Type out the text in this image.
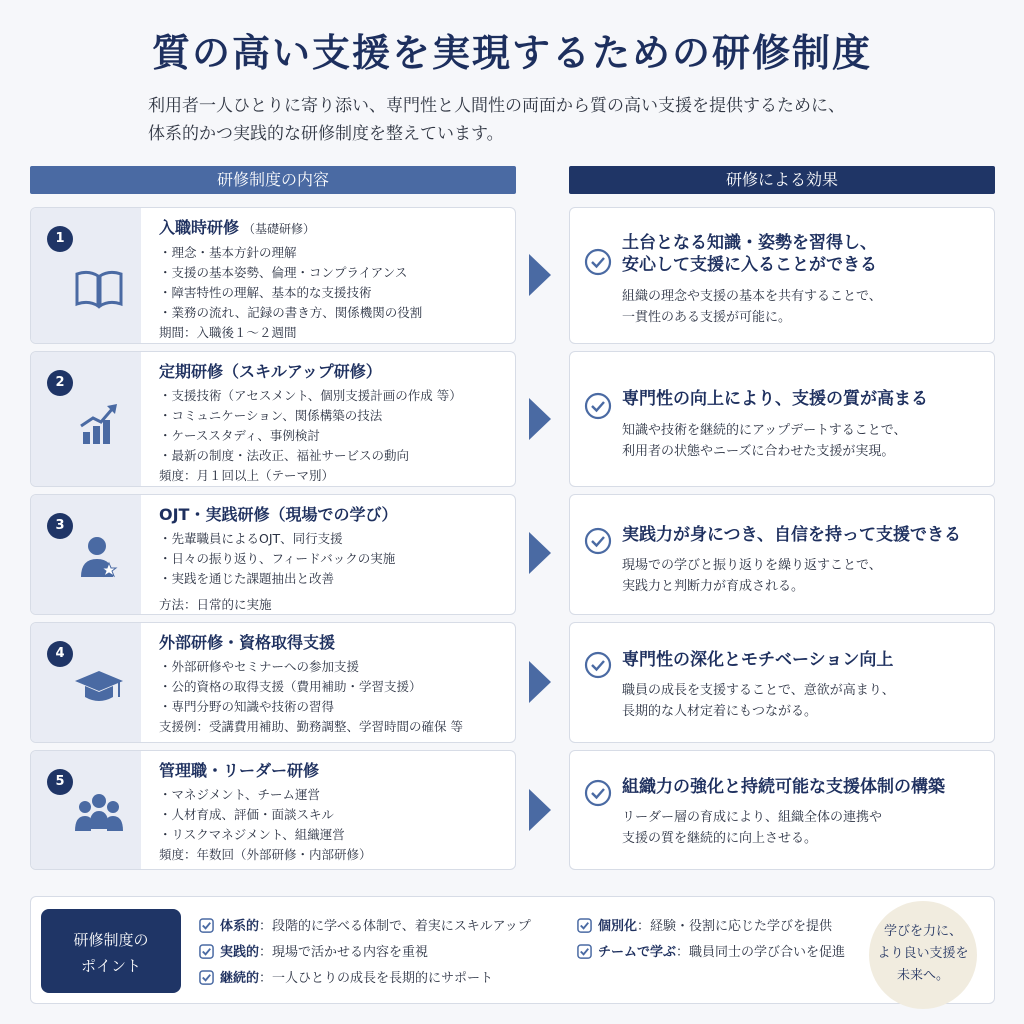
質の高い支援を実現するための研修制度
利用者一人ひとりに寄り添い、専門性と人間性の両面から質の高い支援を提供するために、
体系的かつ実践的な研修制度を整えています。
研修制度の内容	研修による効果
1
入職時研修 （基礎研修）
・理念・基本方針の理解
・支援の基本姿勢、倫理・コンプライアンス
・障害特性の理解、基本的な支援技術
・業務の流れ、記録の書き方、関係機関の役割
期間：入職後１～２週間
2
定期研修（スキルアップ研修）
・支援技術（アセスメント、個別支援計画の作成 等）
・コミュニケーション、関係構築の技法
・ケーススタディ、事例検討
・最新の制度・法改正、福祉サービスの動向
頻度：月１回以上（テーマ別）
3
OJT・実践研修（現場での学び）
・先輩職員によるOJT、同行支援
・日々の振り返り、フィードバックの実施
・実践を通じた課題抽出と改善
方法：日常的に実施
4
外部研修・資格取得支援
・外部研修やセミナーへの参加支援
・公的資格の取得支援（費用補助・学習支援）
・専門分野の知識や技術の習得
支援例：受講費用補助、勤務調整、学習時間の確保 等
5
管理職・リーダー研修
・マネジメント、チーム運営
・人材育成、評価・面談スキル
・リスクマネジメント、組織運営
頻度：年数回（外部研修・内部研修）
土台となる知識・姿勢を習得し、
安心して支援に入ることができる
組織の理念や支援の基本を共有することで、
一貫性のある支援が可能に。
専門性の向上により、支援の質が高まる
知識や技術を継続的にアップデートすることで、
利用者の状態やニーズに合わせた支援が実現。
実践力が身につき、自信を持って支援できる
現場での学びと振り返りを繰り返すことで、
実践力と判断力が育成される。
専門性の深化とモチベーション向上
職員の成長を支援することで、意欲が高まり、
長期的な人材定着にもつながる。
組織力の強化と持続可能な支援体制の構築
リーダー層の育成により、組織全体の連携や
支援の質を継続的に向上させる。
研修制度の
ポイント
体系的：段階的に学べる体制で、着実にスキルアップ
実践的：現場で活かせる内容を重視
継続的：一人ひとりの成長を長期的にサポート
個別化：経験・役割に応じた学びを提供
チームで学ぶ：職員同士の学び合いを促進
学びを力に、
より良い支援を
未来へ。
